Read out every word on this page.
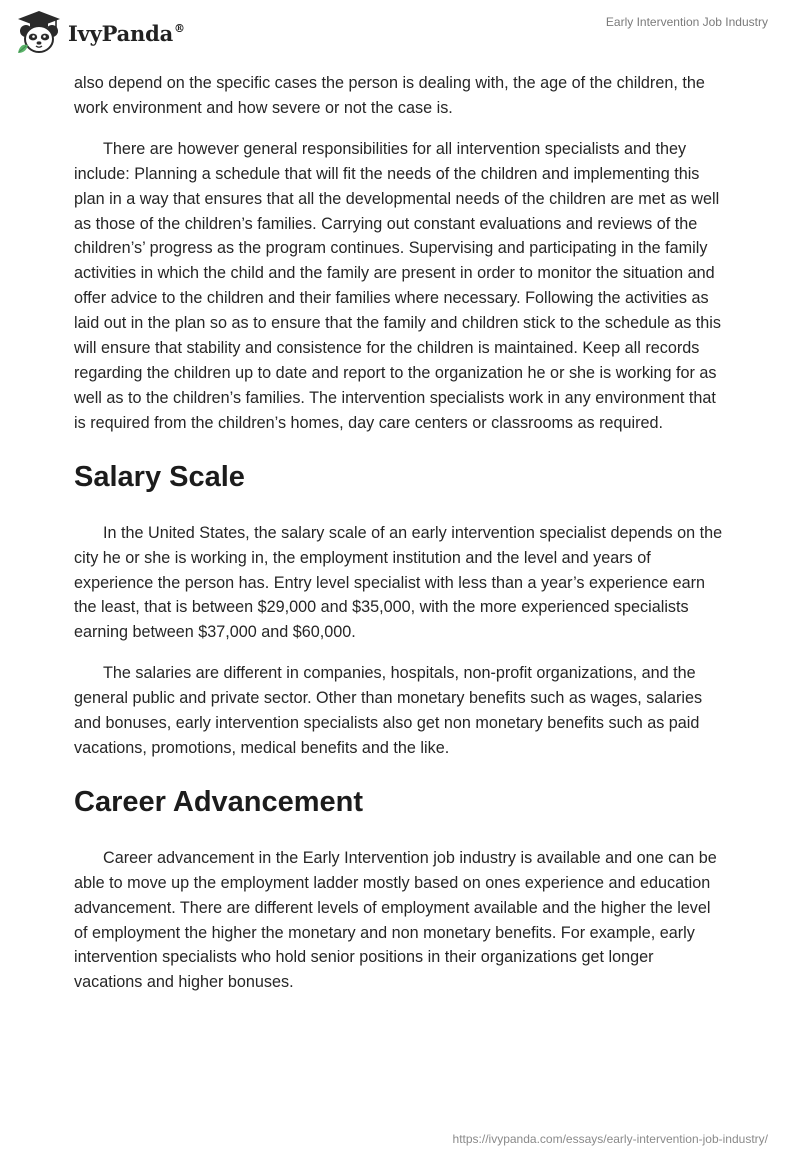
IvyPanda®	Early Intervention Job Industry

also depend on the specific cases the person is dealing with, the age of the children, the work environment and how severe or not the case is.

There are however general responsibilities for all intervention specialists and they include: Planning a schedule that will fit the needs of the children and implementing this plan in a way that ensures that all the developmental needs of the children are met as well as those of the children’s families. Carrying out constant evaluations and reviews of the children’s’ progress as the program continues. Supervising and participating in the family activities in which the child and the family are present in order to monitor the situation and offer advice to the children and their families where necessary. Following the activities as laid out in the plan so as to ensure that the family and children stick to the schedule as this will ensure that stability and consistence for the children is maintained. Keep all records regarding the children up to date and report to the organization he or she is working for as well as to the children’s families. The intervention specialists work in any environment that is required from the children’s homes, day care centers or classrooms as required.

Salary Scale

In the United States, the salary scale of an early intervention specialist depends on the city he or she is working in, the employment institution and the level and years of experience the person has. Entry level specialist with less than a year’s experience earn the least, that is between $29,000 and $35,000, with the more experienced specialists earning between $37,000 and $60,000.

The salaries are different in companies, hospitals, non-profit organizations, and the general public and private sector. Other than monetary benefits such as wages, salaries and bonuses, early intervention specialists also get non monetary benefits such as paid vacations, promotions, medical benefits and the like.

Career Advancement

Career advancement in the Early Intervention job industry is available and one can be able to move up the employment ladder mostly based on ones experience and education advancement. There are different levels of employment available and the higher the level of employment the higher the monetary and non monetary benefits. For example, early intervention specialists who hold senior positions in their organizations get longer vacations and higher bonuses.

https://ivypanda.com/essays/early-intervention-job-industry/
